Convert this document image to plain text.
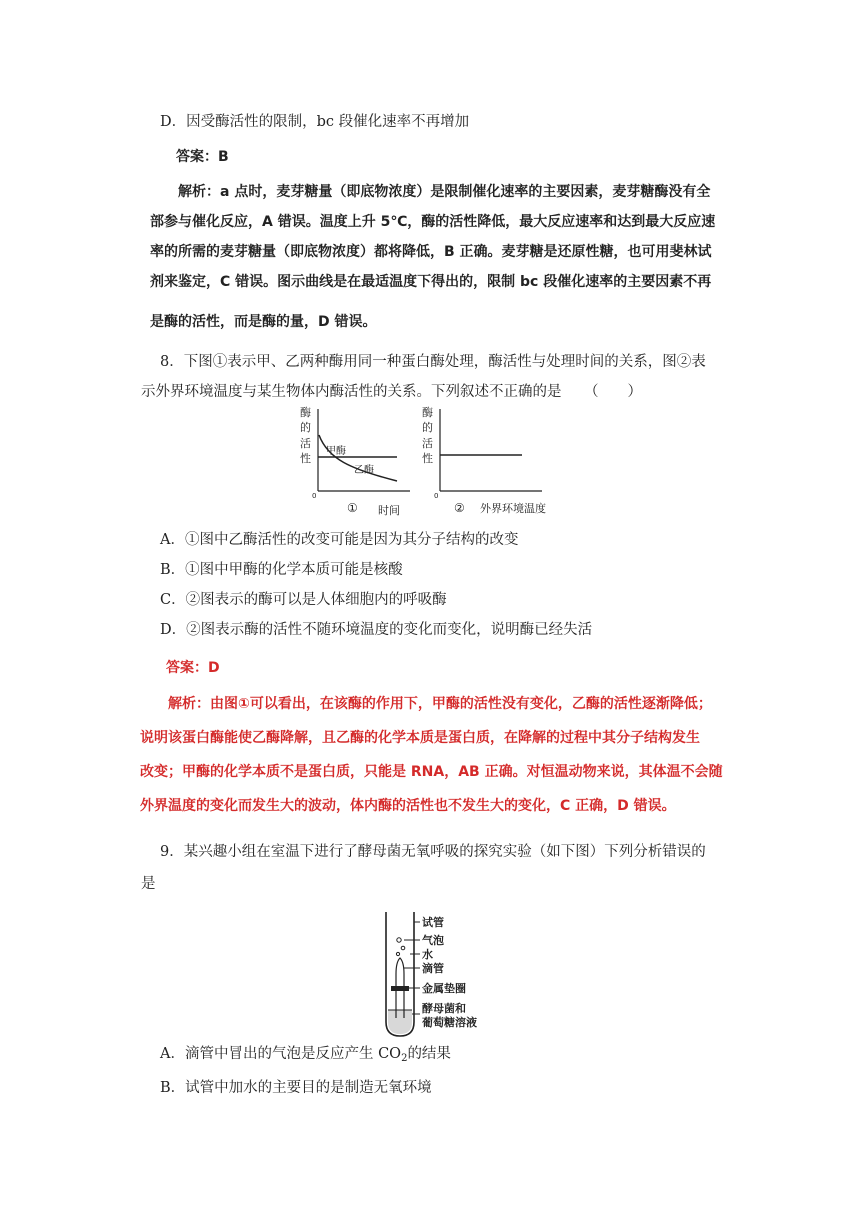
D．因受酶活性的限制，bc 段催化速率不再增加
答案：B
解析：a 点时，麦芽糖量（即底物浓度）是限制催化速率的主要因素，麦芽糖酶没有全
部参与催化反应，A 错误。温度上升 5℃，酶的活性降低，最大反应速率和达到最大反应速
率的所需的麦芽糖量（即底物浓度）都将降低，B 正确。麦芽糖是还原性糖，也可用斐林试
剂来鉴定，C 错误。图示曲线是在最适温度下得出的，限制 bc 段催化速率的主要因素不再
是酶的活性，而是酶的量，D 错误。
8．下图①表示甲、乙两种酶用同一种蛋白酶处理，酶活性与处理时间的关系，图②表
示外界环境温度与某生物体内酶活性的关系。下列叙述不正确的是 （　　）
酶
的
活
性
0
甲酶
乙酶
① 时间
酶
的
活
性
0
② 外界环境温度
A．①图中乙酶活性的改变可能是因为其分子结构的改变
B．①图中甲酶的化学本质可能是核酸
C．②图表示的酶可以是人体细胞内的呼吸酶
D．②图表示酶的活性不随环境温度的变化而变化，说明酶已经失活
答案：D
解析：由图①可以看出，在该酶的作用下，甲酶的活性没有变化，乙酶的活性逐渐降低；
说明该蛋白酶能使乙酶降解，且乙酶的化学本质是蛋白质，在降解的过程中其分子结构发生
改变；甲酶的化学本质不是蛋白质，只能是 RNA，AB 正确。对恒温动物来说，其体温不会随
外界温度的变化而发生大的波动，体内酶的活性也不发生大的变化，C 正确，D 错误。
9．某兴趣小组在室温下进行了酵母菌无氧呼吸的探究实验（如下图）下列分析错误的
是
试管
气泡
水
滴管
金属垫圈
酵母菌和
葡萄糖溶液
A．滴管中冒出的气泡是反应产生 $CO_2$的结果
B．试管中加水的主要目的是制造无氧环境
